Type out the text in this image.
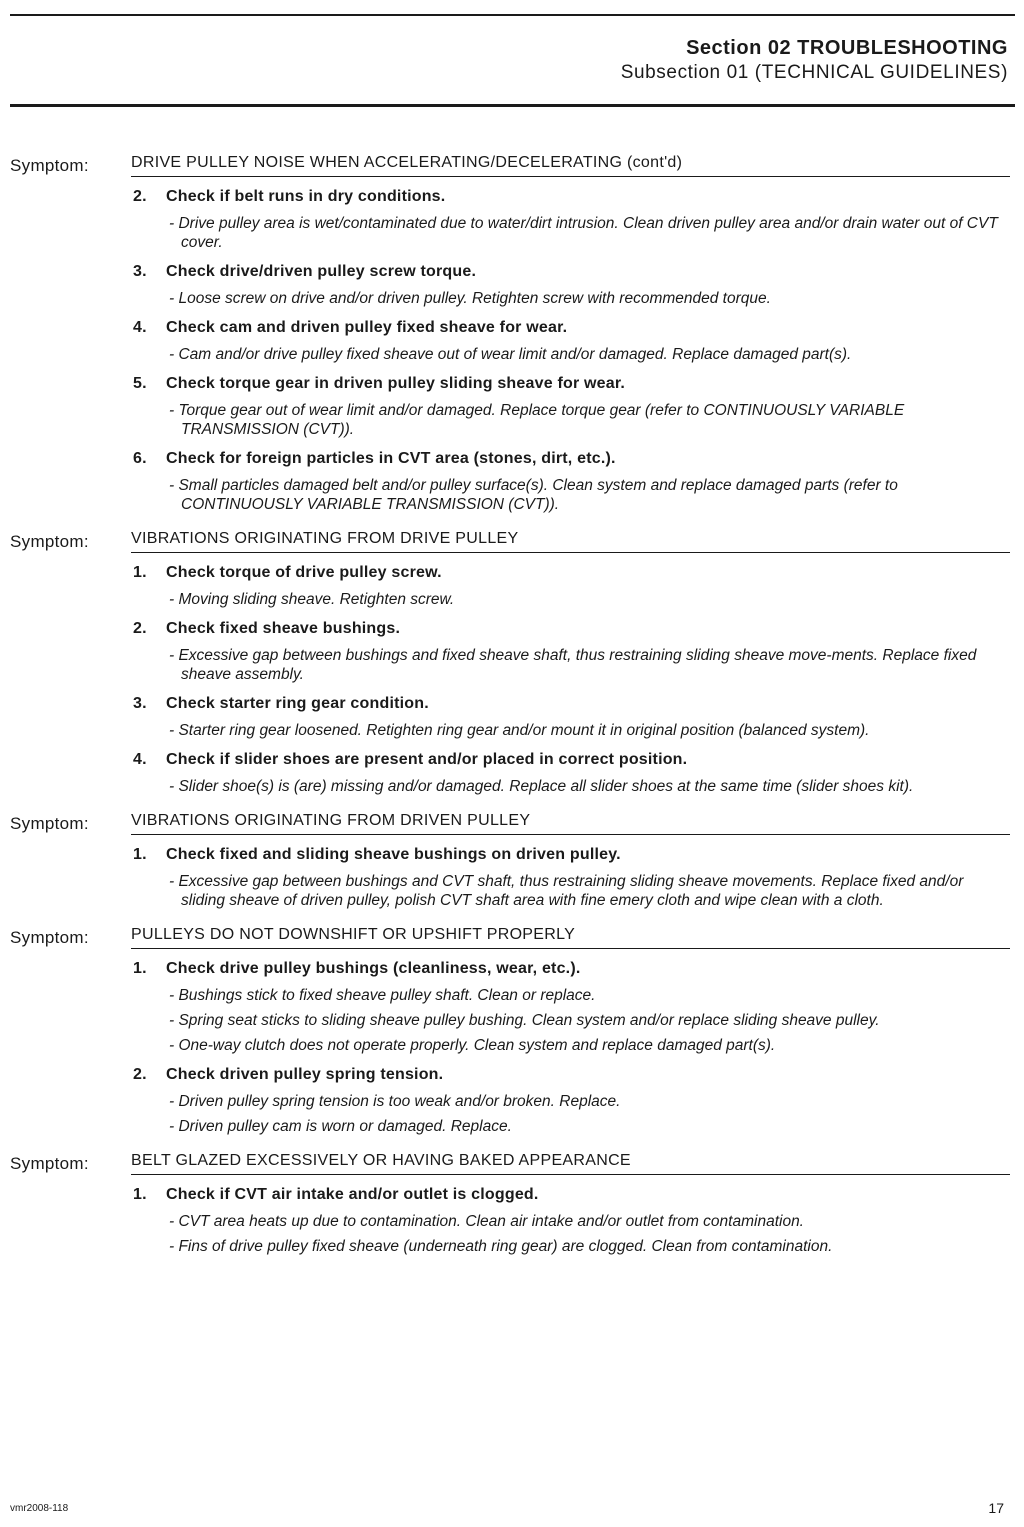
Section 02 TROUBLESHOOTING
Subsection 01 (TECHNICAL GUIDELINES)
Symptom:	DRIVE PULLEY NOISE WHEN ACCELERATING/DECELERATING (cont'd)
2.	Check if belt runs in dry conditions.
- Drive pulley area is wet/contaminated due to water/dirt intrusion. Clean driven pulley area and/or drain water out of CVT cover.
3.	Check drive/driven pulley screw torque.
- Loose screw on drive and/or driven pulley. Retighten screw with recommended torque.
4.	Check cam and driven pulley fixed sheave for wear.
- Cam and/or drive pulley fixed sheave out of wear limit and/or damaged. Replace damaged part(s).
5.	Check torque gear in driven pulley sliding sheave for wear.
- Torque gear out of wear limit and/or damaged. Replace torque gear (refer to CONTINUOUSLY VARIABLE TRANSMISSION (CVT)).
6.	Check for foreign particles in CVT area (stones, dirt, etc.).
- Small particles damaged belt and/or pulley surface(s). Clean system and replace damaged parts (refer to CONTINUOUSLY VARIABLE TRANSMISSION (CVT)).
Symptom:	VIBRATIONS ORIGINATING FROM DRIVE PULLEY
1.	Check torque of drive pulley screw.
- Moving sliding sheave. Retighten screw.
2.	Check fixed sheave bushings.
- Excessive gap between bushings and fixed sheave shaft, thus restraining sliding sheave move-ments. Replace fixed sheave assembly.
3.	Check starter ring gear condition.
- Starter ring gear loosened. Retighten ring gear and/or mount it in original position (balanced system).
4.	Check if slider shoes are present and/or placed in correct position.
- Slider shoe(s) is (are) missing and/or damaged. Replace all slider shoes at the same time (slider shoes kit).
Symptom:	VIBRATIONS ORIGINATING FROM DRIVEN PULLEY
1.	Check fixed and sliding sheave bushings on driven pulley.
- Excessive gap between bushings and CVT shaft, thus restraining sliding sheave movements. Replace fixed and/or sliding sheave of driven pulley, polish CVT shaft area with fine emery cloth and wipe clean with a cloth.
Symptom:	PULLEYS DO NOT DOWNSHIFT OR UPSHIFT PROPERLY
1.	Check drive pulley bushings (cleanliness, wear, etc.).
- Bushings stick to fixed sheave pulley shaft. Clean or replace.
- Spring seat sticks to sliding sheave pulley bushing. Clean system and/or replace sliding sheave pulley.
- One-way clutch does not operate properly. Clean system and replace damaged part(s).
2.	Check driven pulley spring tension.
- Driven pulley spring tension is too weak and/or broken. Replace.
- Driven pulley cam is worn or damaged. Replace.
Symptom:	BELT GLAZED EXCESSIVELY OR HAVING BAKED APPEARANCE
1.	Check if CVT air intake and/or outlet is clogged.
- CVT area heats up due to contamination. Clean air intake and/or outlet from contamination.
- Fins of drive pulley fixed sheave (underneath ring gear) are clogged. Clean from contamination.
vmr2008-118	17
